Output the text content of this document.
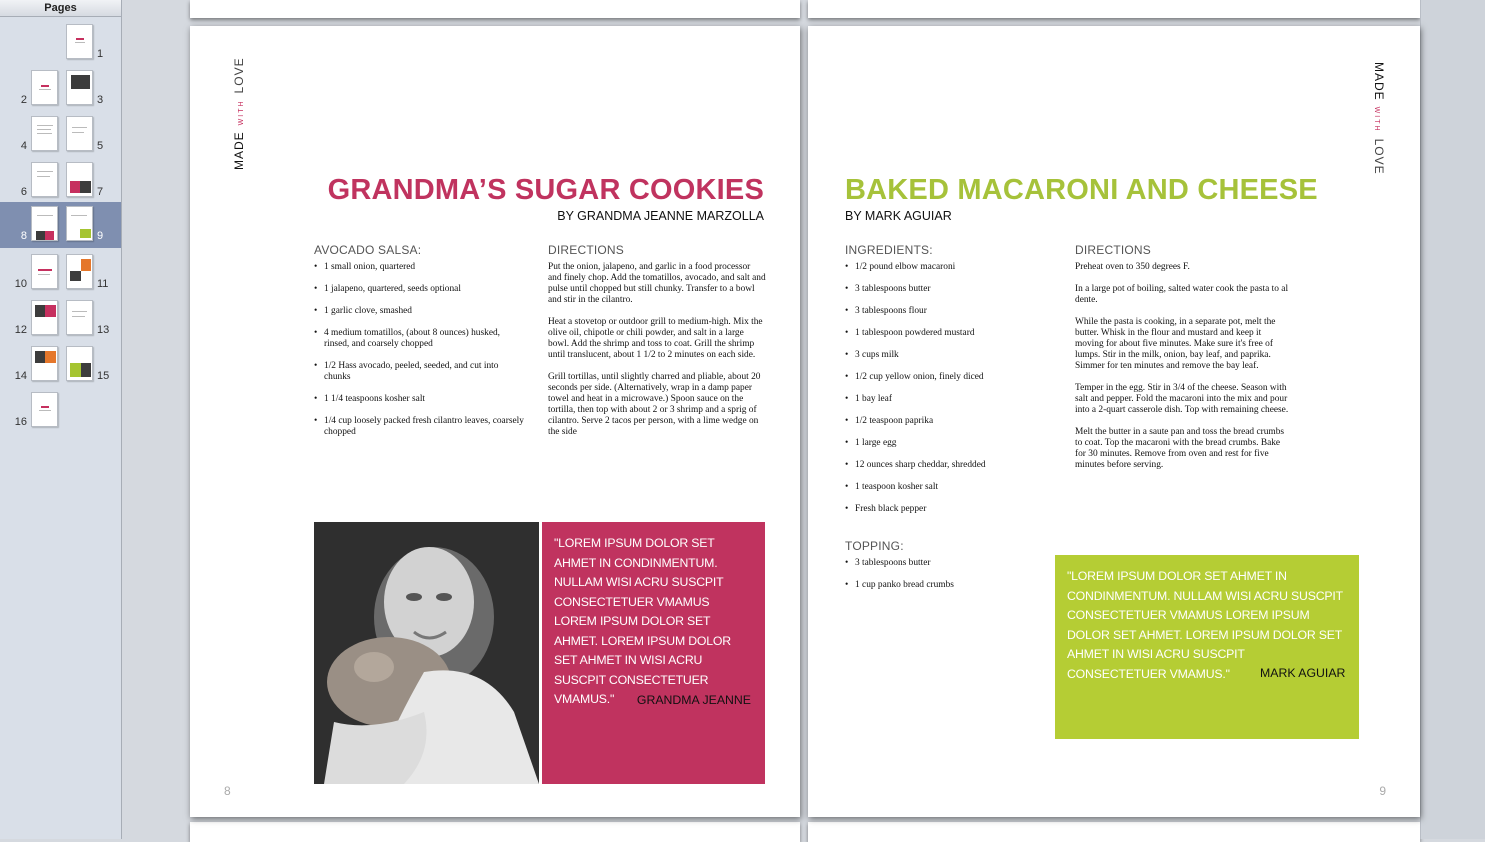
Pages
1
2	3
4	5
6	7
8	9
10	11
12	13
14	15
16
MADEWITHLOVE
GRANDMA’S SUGAR COOKIES
BY GRANDMA JEANNE MARZOLLA
AVOCADO SALSA:
• 1 small onion, quartered
• 1 jalapeno, quartered, seeds optional
• 1 garlic clove, smashed
• 4 medium tomatillos, (about 8 ounces) husked, rinsed, and coarsely chopped
• 1/2 Hass avocado, peeled, seeded, and cut into chunks
• 1 1/4 teaspoons kosher salt
• 1/4 cup loosely packed fresh cilantro leaves, coarsely chopped
DIRECTIONS

Put the onion, jalapeno, and garlic in a food processor and finely chop. Add the tomatillos, avocado, and salt and pulse until chopped but still chunky. Transfer to a bowl and stir in the cilantro.

Heat a stovetop or outdoor grill to medium-high. Mix the olive oil, chipotle or chili powder, and salt in a large bowl. Add the shrimp and toss to coat. Grill the shrimp until translucent, about 1 1/2 to 2 minutes on each side.

Grill tortillas, until slightly charred and pliable, about 20 seconds per side. (Alternatively, wrap in a damp paper towel and heat in a microwave.) Spoon sauce on the tortilla, then top with about 2 or 3 shrimp and a sprig of cilantro. Serve 2 tacos per person, with a lime wedge on the side

"LOREM IPSUM DOLOR SET AHMET IN CONDINMENTUM. NULLAM WISI ACRU SUSCPIT CONSECTETUER VMAMUS LOREM IPSUM DOLOR SET AHMET. LOREM IPSUM DOLOR SET AHMET IN WISI ACRU SUSCPIT CONSECTETUER VMAMUS."	GRANDMA JEANNE
8
MADEWITHLOVE
BAKED MACARONI AND CHEESE
BY MARK AGUIAR
INGREDIENTS:
• 1/2 pound elbow macaroni
• 3 tablespoons butter
• 3 tablespoons flour
• 1 tablespoon powdered mustard
• 3 cups milk
• 1/2 cup yellow onion, finely diced
• 1 bay leaf
• 1/2 teaspoon paprika
• 1 large egg
• 12 ounces sharp cheddar, shredded
• 1 teaspoon kosher salt
• Fresh black pepper
TOPPING:
• 3 tablespoons butter
• 1 cup panko bread crumbs
DIRECTIONS

Preheat oven to 350 degrees F.

In a large pot of boiling, salted water cook the pasta to al dente.

While the pasta is cooking, in a separate pot, melt the butter. Whisk in the flour and mustard and keep it moving for about five minutes. Make sure it's free of lumps. Stir in the milk, onion, bay leaf, and paprika. Simmer for ten minutes and remove the bay leaf.

Temper in the egg. Stir in 3/4 of the cheese. Season with salt and pepper. Fold the macaroni into the mix and pour into a 2-quart casserole dish. Top with remaining cheese.

Melt the butter in a saute pan and toss the bread crumbs to coat. Top the macaroni with the bread crumbs. Bake for 30 minutes. Remove from oven and rest for five minutes before serving.

"LOREM IPSUM DOLOR SET AHMET IN CONDINMENTUM. NULLAM WISI ACRU SUSCPIT CONSECTETUER VMAMUS LOREM IPSUM DOLOR SET AHMET. LOREM IPSUM DOLOR SET AHMET IN WISI ACRU SUSCPIT CONSECTETUER VMAMUS."	MARK AGUIAR
9
